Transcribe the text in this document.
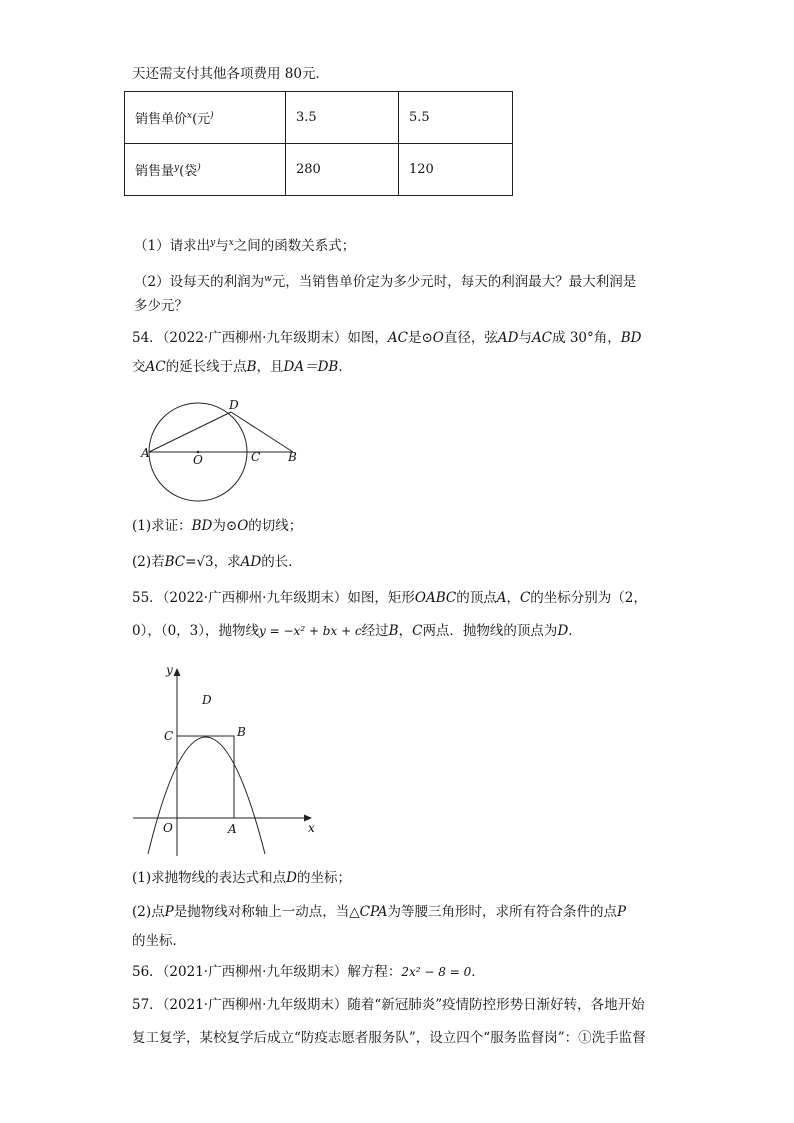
天还需支付其他各项费用 80元．
销售单价$^x$(元)	3.5	5.5
销售量$^y$(袋)	280	120
（1）请求出$^y$与$^x$之间的函数关系式；
（2）设每天的利润为$^w$元，当销售单价定为多少元时，每天的利润最大？最大利润是
多少元？
54．（2022·广西柳州·九年级期末）如图，AC是⊙O直径，弦AD与AC成 30°角，BD
交AC的延长线于点B，且DA＝DB．
A	O	C B
D
(1)求证：BD为⊙O的切线；
(2)若BC=√3，求AD的长．
55．（2022·广西柳州·九年级期末）如图，矩形OABC的顶点A，C的坐标分别为（2，
0），（0，3），抛物线y = −x² + bx + c经过B，C两点．抛物线的顶点为D．
y
x
D
C	B
O	A
(1)求抛物线的表达式和点D的坐标；
(2)点P是抛物线对称轴上一动点，当△CPA为等腰三角形时，求所有符合条件的点P
的坐标．
56．（2021·广西柳州·九年级期末）解方程：2x² − 8 = 0．
57．（2021·广西柳州·九年级期末）随着“新冠肺炎”疫情防控形势日渐好转，各地开始
复工复学，某校复学后成立“防疫志愿者服务队”，设立四个“服务监督岗”：①洗手监督
